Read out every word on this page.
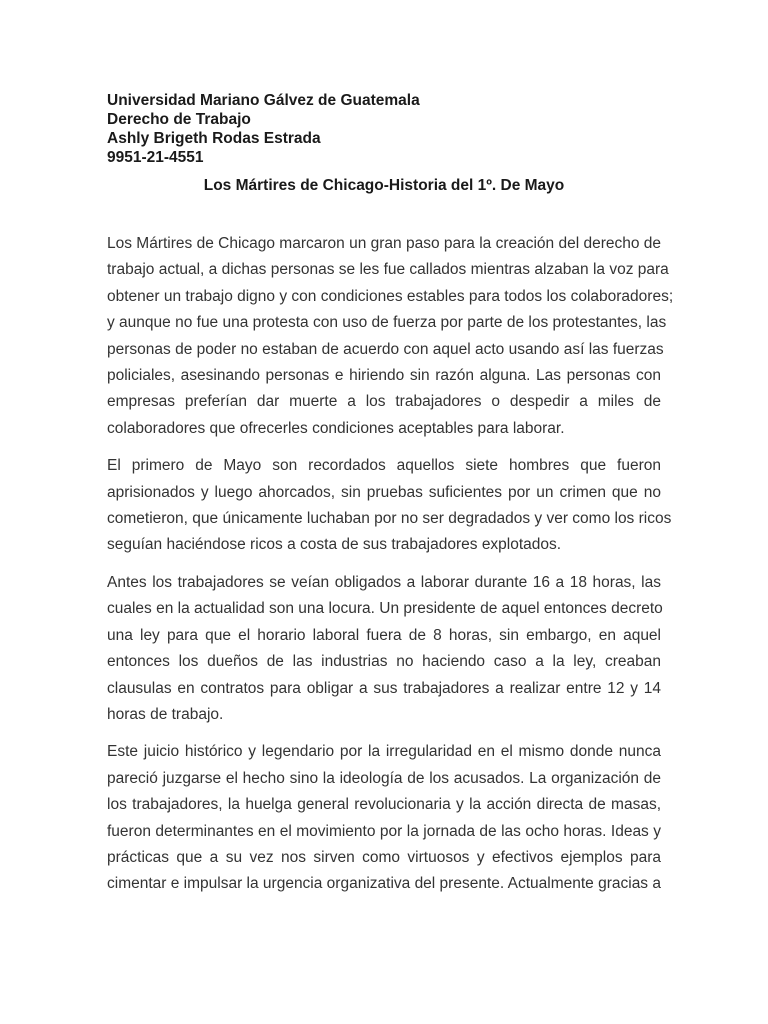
Universidad Mariano Gálvez de Guatemala
Derecho de Trabajo
Ashly Brigeth Rodas Estrada
9951-21-4551
Los Mártires de Chicago-Historia del 1º. De Mayo

Los Mártires de Chicago marcaron un gran paso para la creación del derecho de
trabajo actual, a dichas personas se les fue callados mientras alzaban la voz para
obtener un trabajo digno y con condiciones estables para todos los colaboradores;
y aunque no fue una protesta con uso de fuerza por parte de los protestantes, las
personas de poder no estaban de acuerdo con aquel acto usando así las fuerzas
policiales, asesinando personas e hiriendo sin razón alguna. Las personas con
empresas preferían dar muerte a los trabajadores o despedir a miles de
colaboradores que ofrecerles condiciones aceptables para laborar.

El primero de Mayo son recordados aquellos siete hombres que fueron
aprisionados y luego ahorcados, sin pruebas suficientes por un crimen que no
cometieron, que únicamente luchaban por no ser degradados y ver como los ricos
seguían haciéndose ricos a costa de sus trabajadores explotados.

Antes los trabajadores se veían obligados a laborar durante 16 a 18 horas, las
cuales en la actualidad son una locura. Un presidente de aquel entonces decreto
una ley para que el horario laboral fuera de 8 horas, sin embargo, en aquel
entonces los dueños de las industrias no haciendo caso a la ley, creaban
clausulas en contratos para obligar a sus trabajadores a realizar entre 12 y 14
horas de trabajo.

Este juicio histórico y legendario por la irregularidad en el mismo donde nunca
pareció juzgarse el hecho sino la ideología de los acusados. La organización de
los trabajadores, la huelga general revolucionaria y la acción directa de masas,
fueron determinantes en el movimiento por la jornada de las ocho horas. Ideas y
prácticas que a su vez nos sirven como virtuosos y efectivos ejemplos para
cimentar e impulsar la urgencia organizativa del presente. Actualmente gracias a
